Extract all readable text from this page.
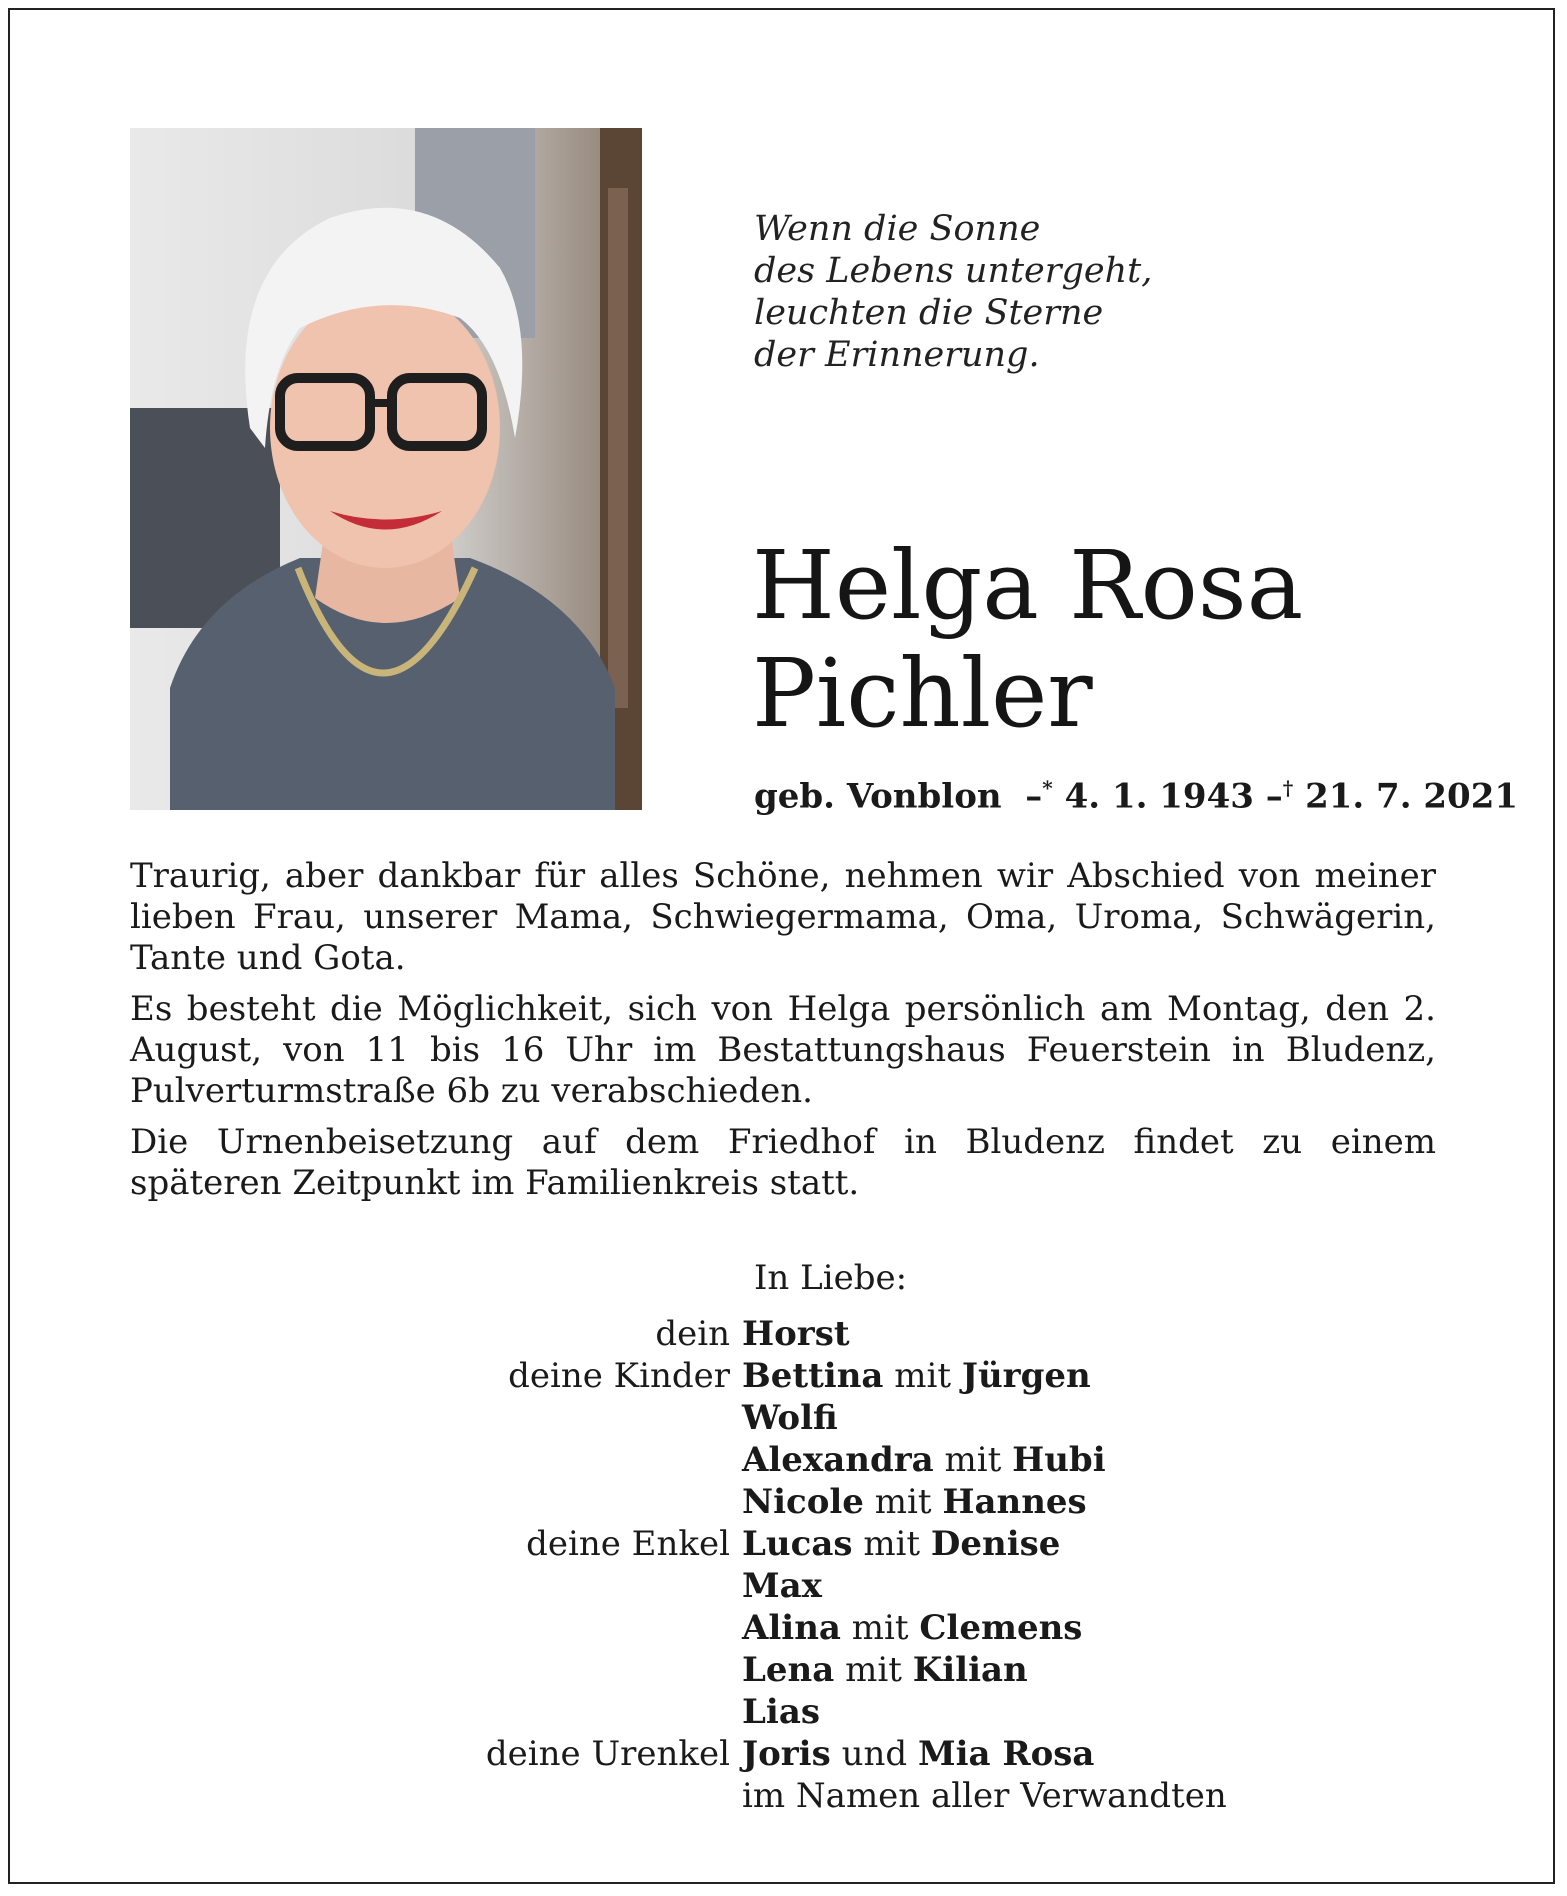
Wenn die Sonne
des Lebens untergeht,
leuchten die Sterne
der Erinnerung.
Helga Rosa
Pichler
geb. Vonblon  –* 4. 1. 1943 –† 21. 7. 2021

Traurig, aber dankbar für alles Schöne, nehmen wir Abschied von meiner lieben Frau, unserer Mama, Schwiegermama, Oma, Uroma, Schwägerin, Tante und Gota.

Es besteht die Möglichkeit, sich von Helga persönlich am Montag, den 2. August, von 11 bis 16 Uhr im Bestattungshaus Feuerstein in Bludenz, Pulverturmstraße 6b zu verabschieden.

Die Urnenbeisetzung auf dem Friedhof in Bludenz findet zu einem späteren Zeitpunkt im Familienkreis statt.

In Liebe:
dein Horst
deine Kinder Bettina mit Jürgen
Wolfi
Alexandra mit Hubi
Nicole mit Hannes
deine Enkel Lucas mit Denise
Max
Alina mit Clemens
Lena mit Kilian
Lias
deine Urenkel Joris und Mia Rosa
im Namen aller Verwandten
